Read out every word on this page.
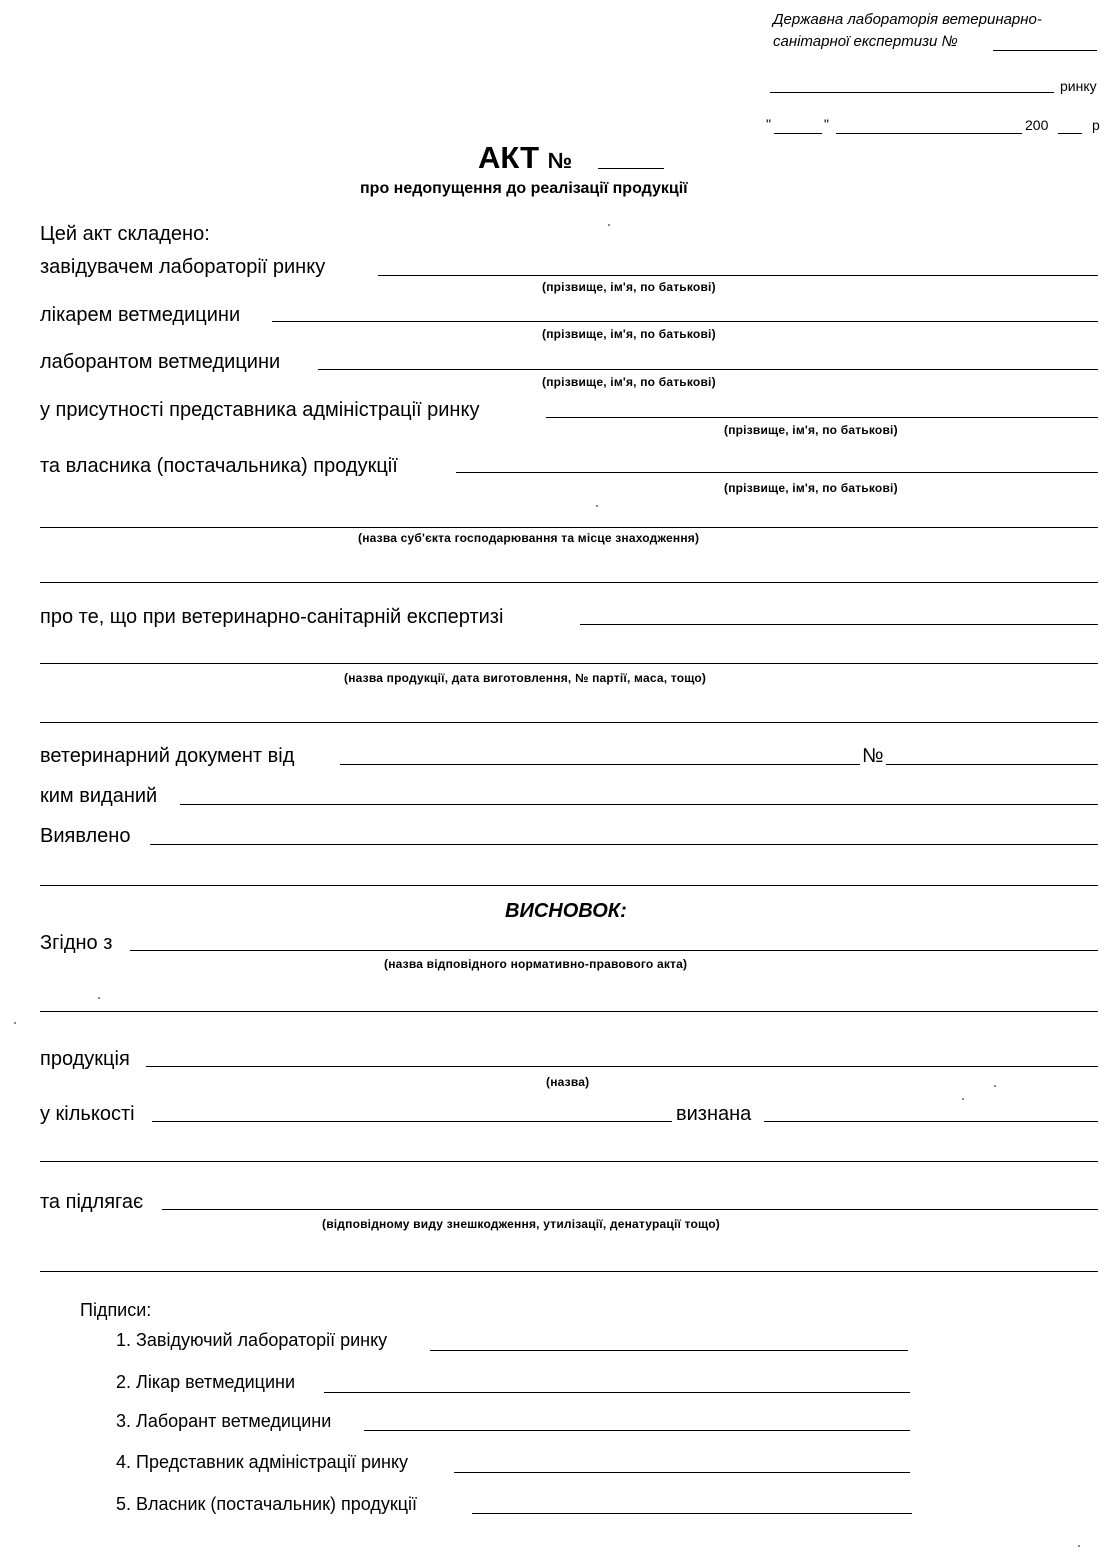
Державна лабораторія ветеринарно-
санітарної експертизи №
ринку
"	"	200	р
АКТ №
про недопущення до реалізації продукції
Цей акт складено:
завідувачем лабораторії ринку
(прізвище, ім'я, по батькові)
лікарем ветмедицини
(прізвище, ім'я, по батькові)
лаборантом ветмедицини
(прізвище, ім'я, по батькові)
у присутності представника адміністрації ринку
(прізвище, ім'я, по батькові)
та власника (постачальника) продукції
(прізвище, ім'я, по батькові)
(назва суб'єкта господарювання та місце знаходження)
про те, що при ветеринарно-санітарній експертизі
(назва продукції, дата виготовлення, № партії, маса, тощо)
ветеринарний документ від	№
ким виданий
Виявлено
ВИСНОВОК:
Згідно з
(назва відповідного нормативно-правового акта)
продукція
(назва)
у кількості	визнана
та підлягає
(відповідному виду знешкодження, утилізації, денатурації тощо)
Підписи:
1. Завідуючий лабораторії ринку
2. Лікар ветмедицини
3. Лаборант ветмедицини
4. Представник адміністрації ринку
5. Власник (постачальник) продукції
